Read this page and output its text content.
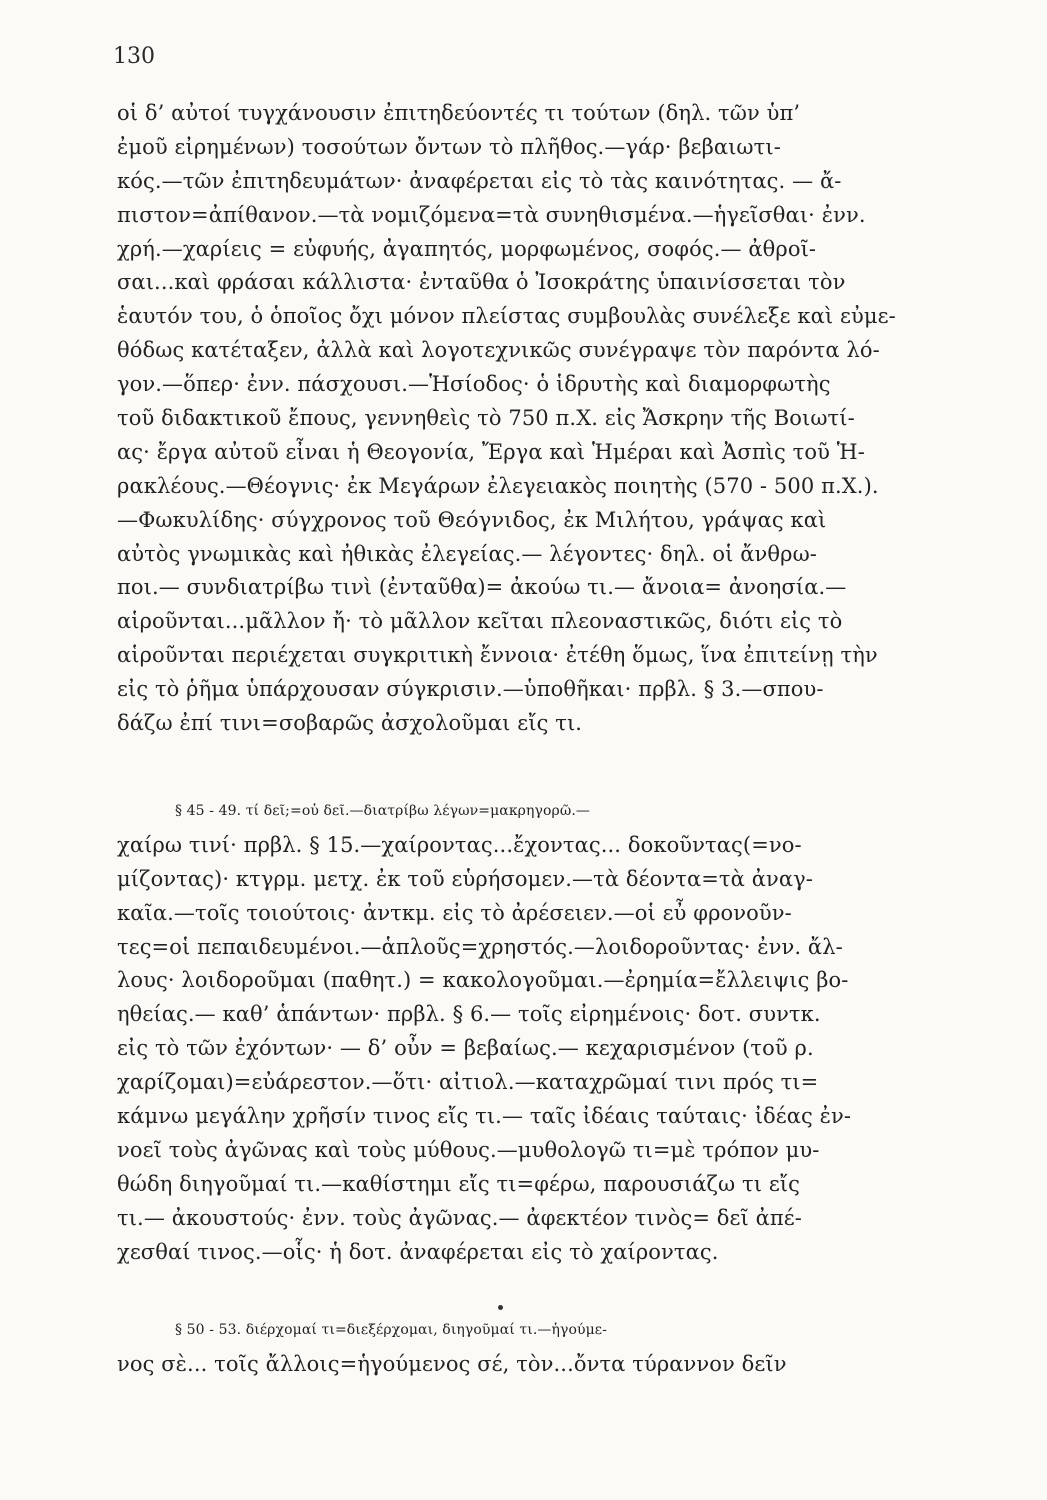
130
οἱ δ’ αὐτοί τυγχάνουσιν ἐπιτηδεύοντές τι τούτων (δηλ. τῶν ὑπ’
ἐμοῦ εἰρημένων) τοσούτων ὄντων τὸ πλῆθος.—γάρ· βεβαιωτι-
κός.—τῶν ἐπιτηδευμάτων· ἀναφέρεται εἰς τὸ τὰς καινότητας. — ἄ-
πιστον=ἀπίθανον.—τὰ νομιζόμενα=τὰ συνηθισμένα.—ἡγεῖσθαι· ἐνν.
χρή.—χαρίεις = εὐφυής, ἀγαπητός, μορφωμένος, σοφός.— ἀθροῖ-
σαι...καὶ φράσαι κάλλιστα· ἐνταῦθα ὁ Ἰσοκράτης ὑπαινίσσεται τὸν
ἑαυτόν του, ὁ ὁποῖος ὄχι μόνον πλείστας συμβουλὰς συνέλεξε καὶ εὐμε-
θόδως κατέταξεν, ἀλλὰ καὶ λογοτεχνικῶς συνέγραψε τὸν παρόντα λό-
γον.—ὅπερ· ἐνν. πάσχουσι.—Ἡσίοδος· ὁ ἱδρυτὴς καὶ διαμορφωτὴς
τοῦ διδακτικοῦ ἔπους, γεννηθεὶς τὸ 750 π.Χ. εἰς Ἄσκρην τῆς Βοιωτί-
ας· ἔργα αὐτοῦ εἶναι ἡ Θεογονία, Ἔργα καὶ Ἡμέραι καὶ Ἀσπὶς τοῦ Ἡ-
ρακλέους.—Θέογνις· ἐκ Μεγάρων ἐλεγειακὸς ποιητὴς (570 - 500 π.Χ.).
—Φωκυλίδης· σύγχρονος τοῦ Θεόγνιδος, ἐκ Μιλήτου, γράψας καὶ
αὐτὸς γνωμικὰς καὶ ἠθικὰς ἐλεγείας.— λέγοντες· δηλ. οἱ ἄνθρω-
ποι.— συνδιατρίβω τινὶ (ἐνταῦθα)= ἀκούω τι.— ἄνοια= ἀνοησία.—
αἱροῦνται...μᾶλλον ἤ· τὸ μᾶλλον κεῖται πλεοναστικῶς, διότι εἰς τὸ
αἱροῦνται περιέχεται συγκριτικὴ ἔννοια· ἐτέθη ὅμως, ἵνα ἐπιτείνῃ τὴν
εἰς τὸ ῥῆμα ὑπάρχουσαν σύγκρισιν.—ὑποθῆκαι· πρβλ. § 3.—σπου-
δάζω ἐπί τινι=σοβαρῶς ἀσχολοῦμαι εἴς τι.
§ 45 - 49. τί δεῖ;=οὐ δεῖ.—διατρίβω λέγων=μακρηγορῶ.—
χαίρω τινί· πρβλ. § 15.—χαίροντας...ἔχοντας... δοκοῦντας(=νο-
μίζοντας)· κτγρμ. μετχ. ἐκ τοῦ εὑρήσομεν.—τὰ δέοντα=τὰ ἀναγ-
καῖα.—τοῖς τοιούτοις· ἀντκμ. εἰς τὸ ἀρέσειεν.—οἱ εὖ φρονοῦν-
τες=οἱ πεπαιδευμένοι.—ἁπλοῦς=χρηστός.—λοιδοροῦντας· ἐνν. ἄλ-
λους· λοιδοροῦμαι (παθητ.) = κακολογοῦμαι.—ἐρημία=ἔλλειψις βο-
ηθείας.— καθ’ ἁπάντων· πρβλ. § 6.— τοῖς εἰρημένοις· δοτ. συντκ.
εἰς τὸ τῶν ἐχόντων· — δ’ οὖν = βεβαίως.— κεχαρισμένον (τοῦ ρ.
χαρίζομαι)=εὐάρεστον.—ὅτι· αἰτιολ.—καταχρῶμαί τινι πρός τι=
κάμνω μεγάλην χρῆσίν τινος εἴς τι.— ταῖς ἰδέαις ταύταις· ἰδέας ἐν-
νοεῖ τοὺς ἀγῶνας καὶ τοὺς μύθους.—μυθολογῶ τι=μὲ τρόπον μυ-
θώδη διηγοῦμαί τι.—καθίστημι εἴς τι=φέρω, παρουσιάζω τι εἴς
τι.— ἀκουστούς· ἐνν. τοὺς ἀγῶνας.— ἀφεκτέον τινὸς= δεῖ ἀπέ-
χεσθαί τινος.—οἷς· ἡ δοτ. ἀναφέρεται εἰς τὸ χαίροντας.
§ 50 - 53. διέρχομαί τι=διεξέρχομαι, διηγοῦμαί τι.—ἡγούμε-
νος σὲ... τοῖς ἄλλοις=ἡγούμενος σέ, τὸν...ὄντα τύραννον δεῖν
